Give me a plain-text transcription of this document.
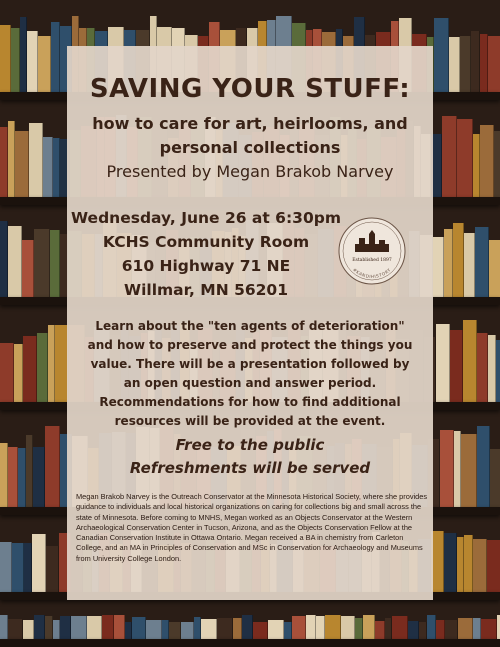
SAVING YOUR STUFF:
how to care for art, heirlooms, and
personal collections
Presented by Megan Brakob Narvey
Wednesday, June 26 at 6:30pm
KCHS Community Room
610 Highway 71 NE
Willmar, MN 56201
Established 1897
#KANDIHISTORY
Learn about the "ten agents of deterioration" and how to preserve and protect the things you value. There will be a presentation followed by an open question and answer period. Recommendations for how to find additional resources will be provided at the event.
Free to the public
Refreshments will be served
Megan Brakob Narvey is the Outreach Conservator at the Minnesota Historical Society, where she provides guidance to individuals and local historical organizations on caring for collections big and small across the state of Minnesota. Before coming to MNHS, Megan worked as an Objects Conservator at the Western Archaeological Conservation Center in Tucson, Arizona, and as the Objects Conservation Fellow at the Canadian Conservation Institute in Ottawa Ontario. Megan received a BA in chemistry from Carleton College, and an MA in Principles of Conservation and MSc in Conservation for Archaeology and Museums from University College London.
